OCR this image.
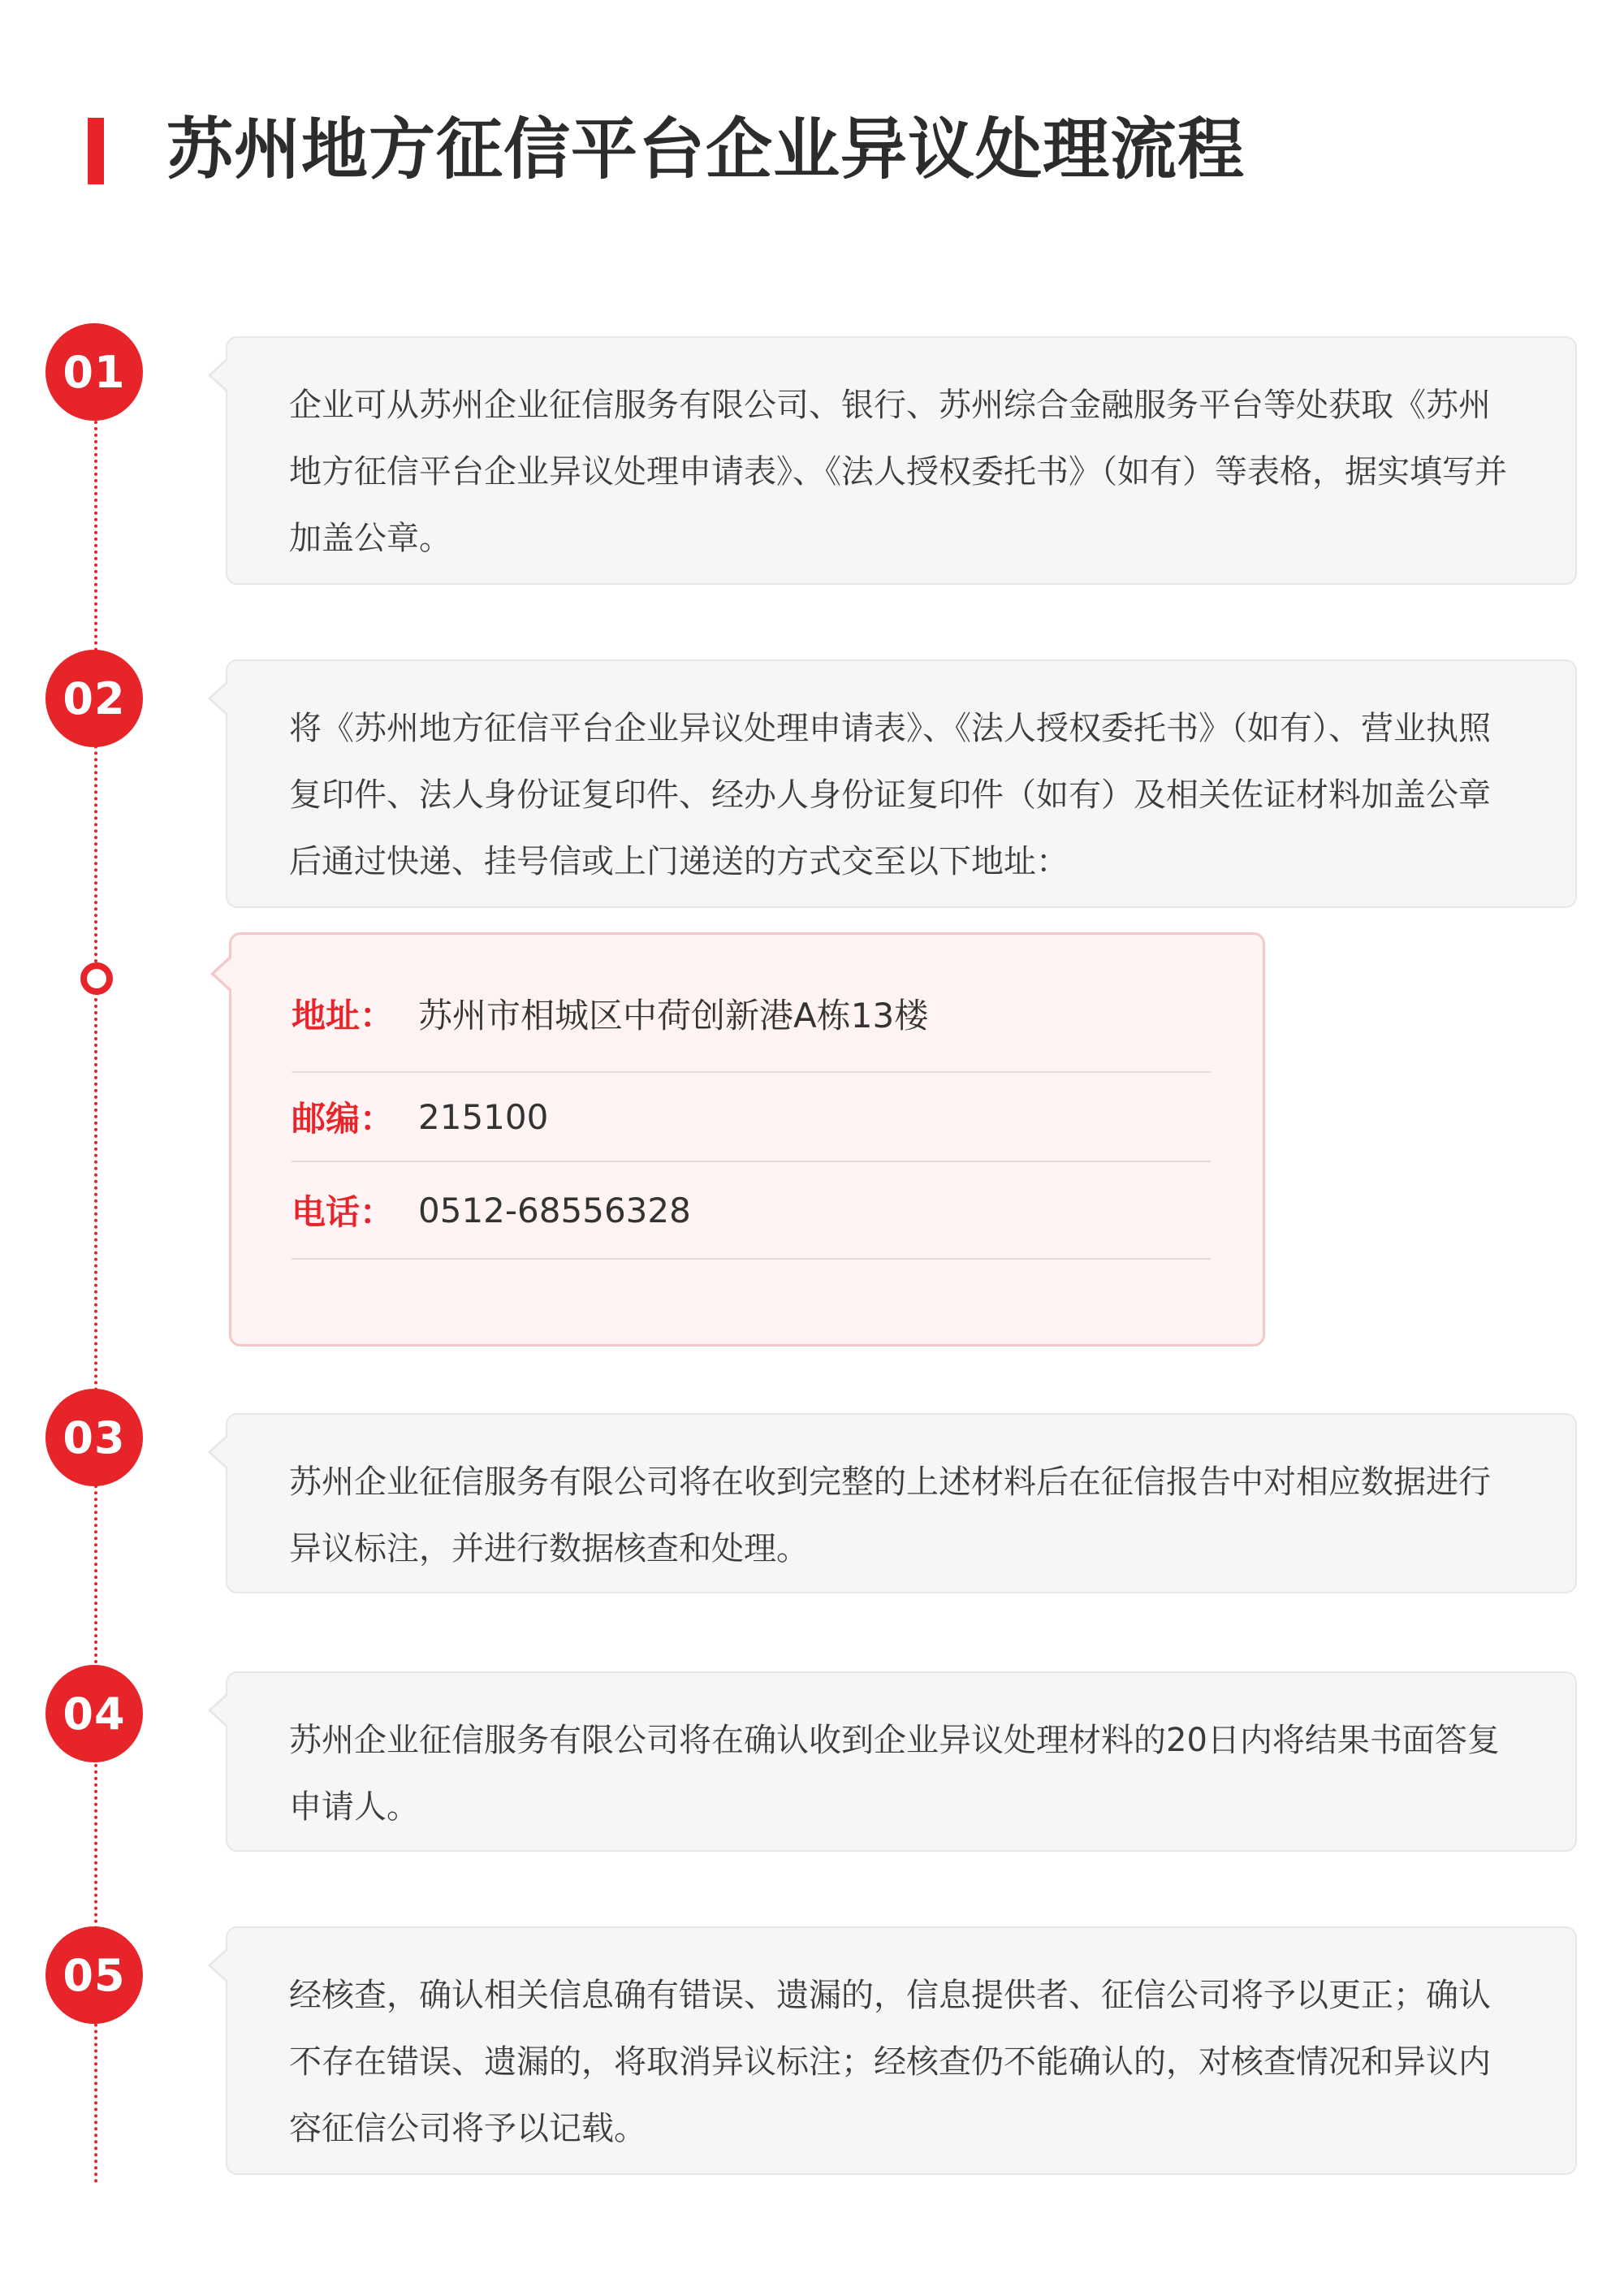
苏州地方征信平台企业异议处理流程
01

企业可从苏州企业征信服务有限公司、银行、苏州综合金融服务平台等处获取《苏州地方征信平台企业异议处理申请表》、《法人授权委托书》（如有）等表格，据实填写并加盖公章。

02

将《苏州地方征信平台企业异议处理申请表》、《法人授权委托书》（如有）、营业执照复印件、法人身份证复印件、经办人身份证复印件（如有）及相关佐证材料加盖公章后通过快递、挂号信或上门递送的方式交至以下地址：

地址： 苏州市相城区中荷创新港A栋13楼
邮编： 215100
电话： 0512-68556328
03

苏州企业征信服务有限公司将在收到完整的上述材料后在征信报告中对相应数据进行异议标注，并进行数据核查和处理。

04

苏州企业征信服务有限公司将在确认收到企业异议处理材料的20日内将结果书面答复申请人。

05	经核查，确认相关信息确有错误、遗漏的，信息提供者、征信公司将予以更正；确认不存在错误、遗漏的，将取消异议标注；经核查仍不能确认的，对核查情况和异议内容征信公司将予以记载。
